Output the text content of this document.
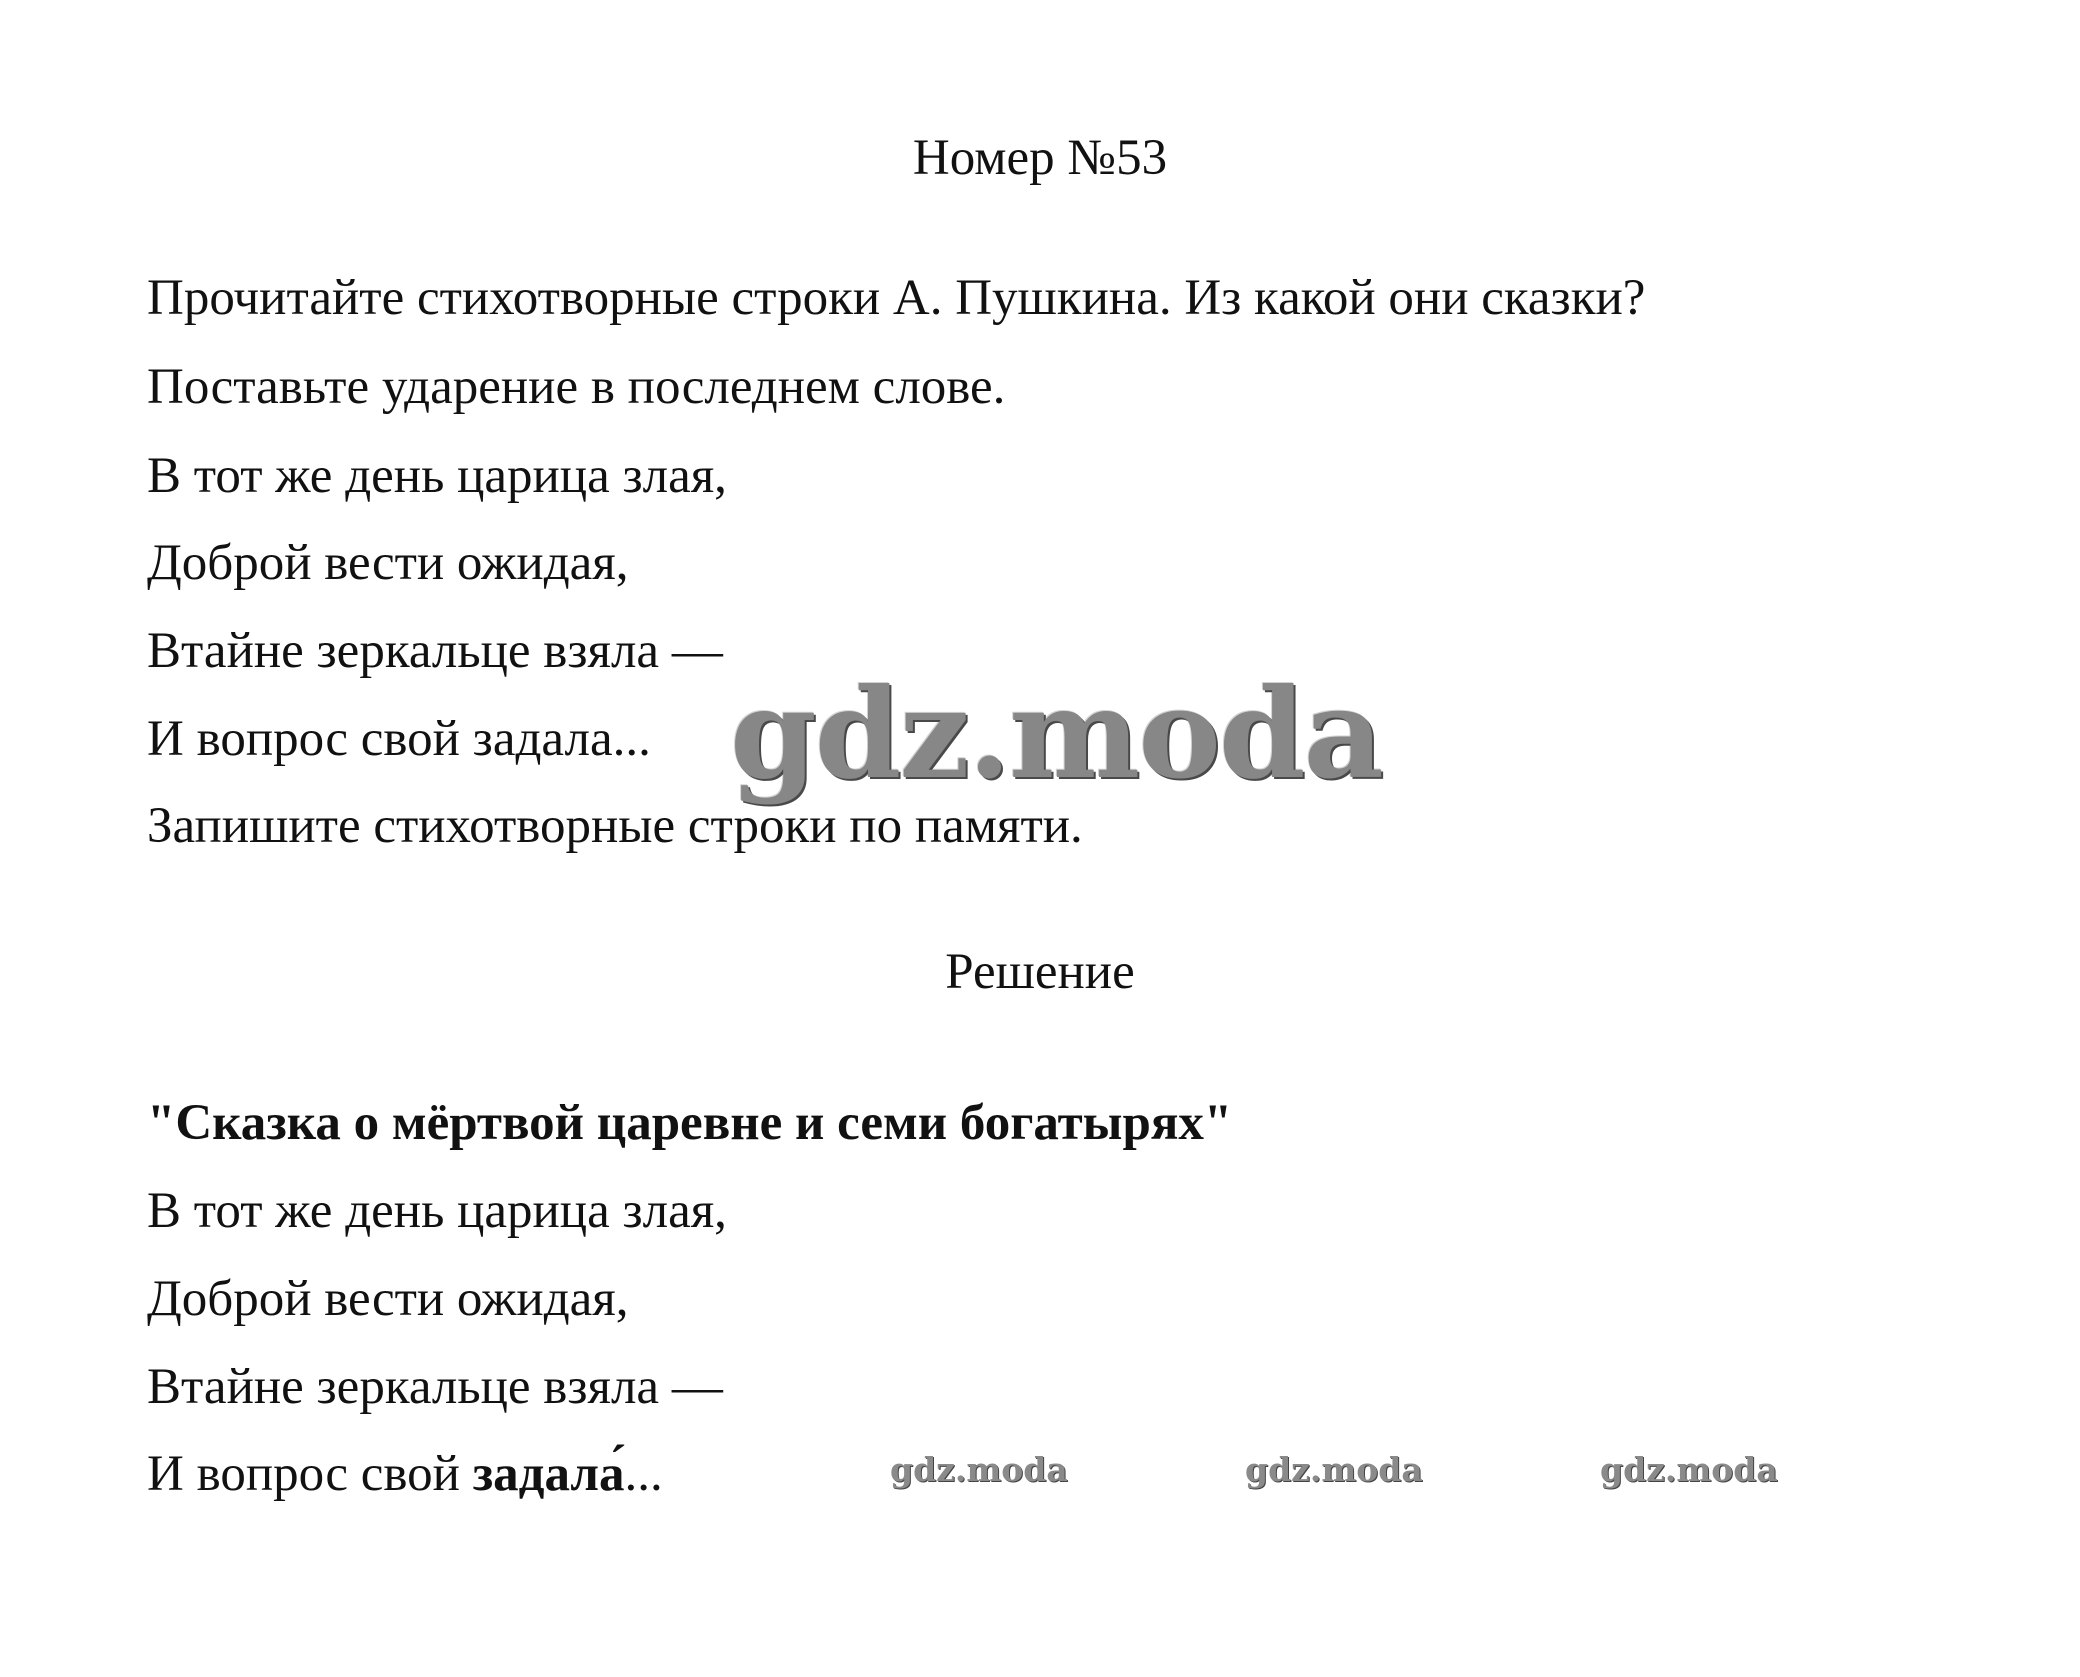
Номер №53
Прочитайте стихотворные строки А. Пушкина. Из какой они сказки?
Поставьте ударение в последнем слове.
В тот же день царица злая,
Доброй вести ожидая,
Втайне зеркальце взяла —
И вопрос свой задала...
Запишите стихотворные строки по памяти.
gdz.moda
Решение
"Сказка о мёртвой царевне и семи богатырях"
В тот же день царица злая,
Доброй вести ожидая,
Втайне зеркальце взяла —
И вопрос свой задала́...	gdz.moda	gdz.moda	gdz.moda
